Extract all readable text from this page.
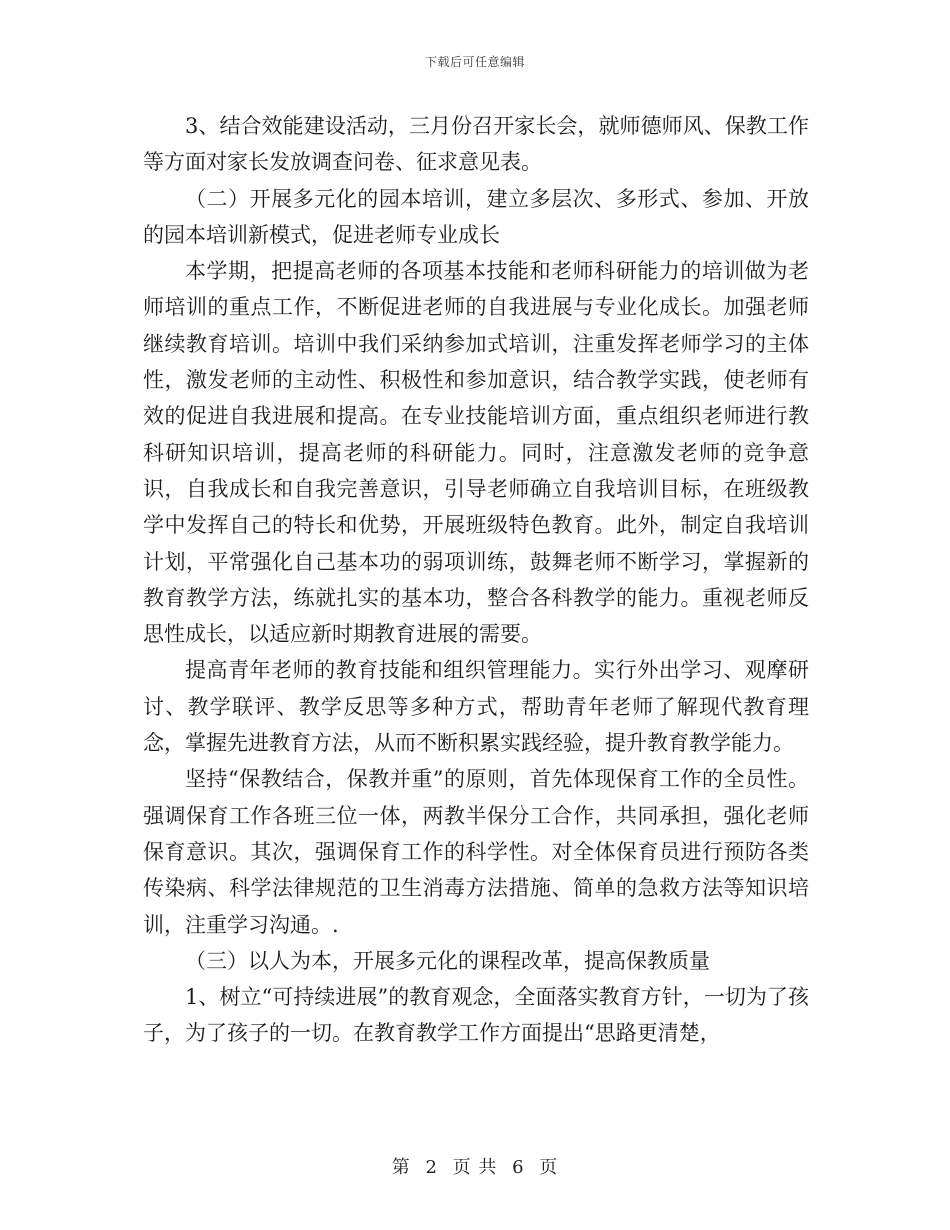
下载后可任意编辑

3、结合效能建设活动，三月份召开家长会，就师德师风、保教工作等方面对家长发放调查问卷、征求意见表。

（二）开展多元化的园本培训，建立多层次、多形式、参加、开放的园本培训新模式，促进老师专业成长

本学期，把提高老师的各项基本技能和老师科研能力的培训做为老师培训的重点工作，不断促进老师的自我进展与专业化成长。加强老师继续教育培训。培训中我们采纳参加式培训，注重发挥老师学习的主体性，激发老师的主动性、积极性和参加意识，结合教学实践，使老师有效的促进自我进展和提高。在专业技能培训方面，重点组织老师进行教科研知识培训，提高老师的科研能力。同时，注意激发老师的竞争意识，自我成长和自我完善意识，引导老师确立自我培训目标，在班级教学中发挥自己的特长和优势，开展班级特色教育。此外，制定自我培训计划，平常强化自己基本功的弱项训练，鼓舞老师不断学习，掌握新的教育教学方法，练就扎实的基本功，整合各科教学的能力。重视老师反思性成长，以适应新时期教育进展的需要。

提高青年老师的教育技能和组织管理能力。实行外出学习、观摩研讨、教学联评、教学反思等多种方式，帮助青年老师了解现代教育理念，掌握先进教育方法，从而不断积累实践经验，提升教育教学能力。

坚持“保教结合，保教并重”的原则，首先体现保育工作的全员性。强调保育工作各班三位一体，两教半保分工合作，共同承担，强化老师保育意识。其次，强调保育工作的科学性。对全体保育员进行预防各类传染病、科学法律规范的卫生消毒方法措施、简单的急救方法等知识培训，注重学习沟通。.

（三）以人为本，开展多元化的课程改革，提高保教质量

1、树立“可持续进展”的教育观念，全面落实教育方针，一切为了孩子，为了孩子的一切。在教育教学工作方面提出“思路更清楚，

第 2 页 共 6 页
